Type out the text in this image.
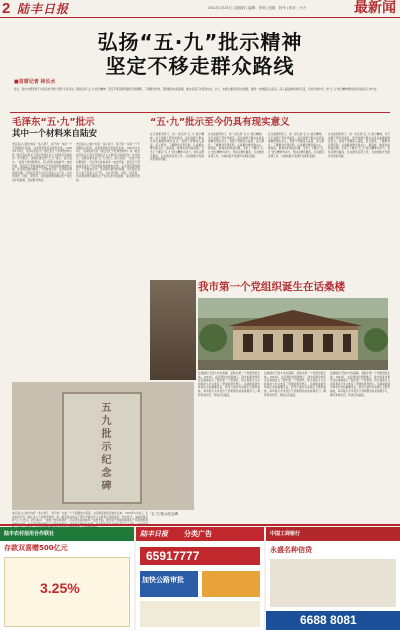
2 陆丰日报	2011年2月24日 | 星期四 | 编辑：李青 | 组版：阿华 | 校对：小方	最新闻
弘扬“五·九”批示精神
坚定不移走群众路线
■首席记者 林长水
前日，陆丰市领导班子分赴各地开展“双帮”走访活动，围绕弘扬“五·九”批示精神、坚定不移走群众路线开展调研，了解群众诉求，帮助解决实际困难，推动各项工作落到实处。会上，市委主要负责同志强调，要进一步增强宗旨意识，深入基层倾听群众意见，切实改进作风，把“五·九”批示精神贯彻落实到各项工作中去。
毛泽东“五·九”批示
其中一个材料来自陆安
市区南山公园方向有一条小巷子，巷子的一边是一个不起眼的小院落，这里曾是陆安县委所在地。1963年5月9日，毛泽东同志对《浙江省七个好典型材料》和《陆安县在机关干部中开展社会主义教育运动的报告》作出批示，这就是著名的“五·九”批示。批示指出：“这两个材料都很好，可以印发各地参考。”由此开始，陆安县干部参加集体生产劳动的经验被推向全国，在全国范围内掀起了干部参加劳动、密切联系群众的热潮。当年陆安县有大批干部深入生产队，与社员同吃、同住、同劳动，切实帮助群众解决生产和生活中的困难，深受群众欢迎。
市区南山公园方向有一条小巷子，巷子的一边是一个不起眼的小院落，这里曾是陆安县委所在地。1963年5月9日，毛泽东同志对《浙江省七个好典型材料》和《陆安县在机关干部中开展社会主义教育运动的报告》作出批示，这就是著名的“五·九”批示。批示指出：“这两个材料都很好，可以印发各地参考。”由此开始，陆安县干部参加集体生产劳动的经验被推向全国，在全国范围内掀起了干部参加劳动、密切联系群众的热潮。当年陆安县有大批干部深入生产队，与社员同吃、同住、同劳动，切实帮助群众解决生产和生活中的困难，深受群众欢迎。
“五·九”批示至今仍具有现实意义
在当前新形势下，进一步弘扬“五·九”批示精神，对于加强干部作风建设、密切党群干群关系具有重要的现实意义。各级干部要深入基层，深入群众，了解群众所思所盼，认真解决群众最关心、最直接、最现实的利益问题。全市上下要以“五·九”批示精神为动力，坚持走群众路线，扎实推进各项工作，为加快陆丰发展作出新的贡献。
在当前新形势下，进一步弘扬“五·九”批示精神，对于加强干部作风建设、密切党群干群关系具有重要的现实意义。各级干部要深入基层，深入群众，了解群众所思所盼，认真解决群众最关心、最直接、最现实的利益问题。全市上下要以“五·九”批示精神为动力，坚持走群众路线，扎实推进各项工作，为加快陆丰发展作出新的贡献。
在当前新形势下，进一步弘扬“五·九”批示精神，对于加强干部作风建设、密切党群干群关系具有重要的现实意义。各级干部要深入基层，深入群众，了解群众所思所盼，认真解决群众最关心、最直接、最现实的利益问题。全市上下要以“五·九”批示精神为动力，坚持走群众路线，扎实推进各项工作，为加快陆丰发展作出新的贡献。
在当前新形势下，进一步弘扬“五·九”批示精神，对于加强干部作风建设、密切党群干群关系具有重要的现实意义。各级干部要深入基层，深入群众，了解群众所思所盼，认真解决群众最关心、最直接、最现实的利益问题。全市上下要以“五·九”批示精神为动力，坚持走群众路线，扎实推进各项工作，为加快陆丰发展作出新的贡献。
我市第一个党组织诞生在话桑楼
话桑楼位于陆丰市东海镇，是陆丰第一个党组织诞生地。1924年，在彭湃同志的影响下，陆丰的革命青年在话桑楼成立了陆丰第一个党组织，标志着陆丰人民的革命斗争从此有了坚强的领导核心。话桑楼是陆丰革命历史的重要见证，如今已被列为爱国主义教育基地，每年吸引众多党员干部和群众前来参观学习，缅怀革命先烈，传承红色基因。
话桑楼位于陆丰市东海镇，是陆丰第一个党组织诞生地。1924年，在彭湃同志的影响下，陆丰的革命青年在话桑楼成立了陆丰第一个党组织，标志着陆丰人民的革命斗争从此有了坚强的领导核心。话桑楼是陆丰革命历史的重要见证，如今已被列为爱国主义教育基地，每年吸引众多党员干部和群众前来参观学习，缅怀革命先烈，传承红色基因。
话桑楼位于陆丰市东海镇，是陆丰第一个党组织诞生地。1924年，在彭湃同志的影响下，陆丰的革命青年在话桑楼成立了陆丰第一个党组织，标志着陆丰人民的革命斗争从此有了坚强的领导核心。话桑楼是陆丰革命历史的重要见证，如今已被列为爱国主义教育基地，每年吸引众多党员干部和群众前来参观学习，缅怀革命先烈，传承红色基因。
五九批示纪念碑
“五·九”批示纪念碑
市区南山公园方向有一条小巷子，巷子的一边是一个不起眼的小院落，这里曾是陆安县委所在地。1963年5月9日，毛泽东同志对《浙江省七个好典型材料》和《陆安县在机关干部中开展社会主义教育运动的报告》作出批示，这就是著名的“五·九”批示。批示指出：“这两个材料都很好，可以印发各地参考。”由此开始，陆安县干部参加集体生产劳动的经验
陆丰农村信用合作联社
存款双喜赠500亿元
3.25%
陆丰日报 分类广告
65917777
加快公路审批
中国工商银行
永盛名种信贷
6688 8081
